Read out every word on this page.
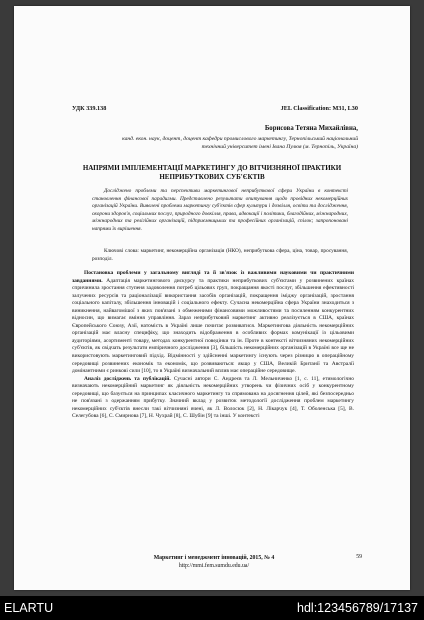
УДК 339.138	JEL Classification: M31, L30
Борисова Тетяна Михайлівна,
канд. екон. наук, доцент, доцент кафедри промислового маркетингу, Тернопільський національний технічний університет імені Івана Пулюя (м. Тернопіль, Україна)
НАПРЯМИ ІМПЛЕМЕНТАЦІЇ МАРКЕТИНГУ ДО ВІТЧИЗНЯНОЇ ПРАКТИКИ НЕПРИБУТКОВИХ СУБ'ЄКТІВ
Досліджено проблеми та перспективи маркетингової неприбуткової сфери України в контексті становлення фінансової парадигми. Представлено результати опитування щодо провідних некомерційних організацій України. Виявлені проблеми маркетингу суб'єктів сфер культури і дозвілля, освіти та дослідження, охорони здоров'я, соціальних послуг, природного довкілля, права, адвокації і політики, благодійних, міжнародних, міжнародних та релігійних організацій, підприємницьких та професійних організацій, спілок; запропоновані напрями їх вирішення.
Ключові слова: маркетинг, некомерційна організація (НКО), неприбуткова сфера, ціна, товар, просування, розподіл.

Постановка проблеми у загальному вигляді та її зв'язок із важливими науковими чи практичними завданнями. Адаптація маркетингового дискурсу та практики неприбуткових суб'єктами у розвинених країнах спричинила зростання ступеня задоволення потреб цільових груп, покращання якості послуг, збільшення ефективності залучених ресурсів та раціоналізації використання засобів організацій, покращення іміджу організацій, зростання соціального капіталу, збільшення інновацій і соціального ефекту. Сучасна некомерційна сфера України знаходиться з виникнення, найвагомішої з яких пов'язані з обмеженими фінансовими можливостями та посиленням конкурентних відносин, що вимагає вміння управління. Зараз неприбутковий маркетинг активно реалізується в США, країнах Європейського Союзу, Азії, натомість в Україні лише почитає розвиватися. Маркетингова діяльність некомерційних організацій має власну специфіку, що знаходить відображення в особливих формах комунікації із цільовими аудиторіями, асортименті товару, методах конкурентної поведінки та ін. Проте в контексті вітчизняних некомерційних суб'єктів, як свідчать результати емпіричного дослідження [3], більшість некомерційних організацій в Україні все ще не використовують маркетинговий підхід. Відмінності у здійсненні маркетингу існують через різницю в операційному середовищі розвинених економік та економік, що розвиваються: якщо у США, Великій Британії та Австралії домінантними є ринкові сили [10], то в Україні визначальний вплив має операційне середовище.

Аналіз досліджень та публікацій. Сучасні автори С. Андреєв та Л. Мельниченко [1, с. 11], етимологічно визначають некомерційний маркетинг як діяльність некомерційних утворень чи фізичних осіб у конкурентному середовищі, що базується на принципах класичного маркетингу та спрямована на досягнення цілей, які безпосередньо не пов'язані з одержанням прибутку. Значний вклад у розвиток методології дослідження проблем маркетингу некомерційних суб'єктів внесли такі вітчизняні вчені, як Л. Волосюк [2], Н. Лікарчук [4], Т. Оболенська [5], В. Селегубова [6], С. Смирнова [7], Н. Чухрай [8], С. Шубін [9] та інші. У контексті

Маркетинг і менеджмент інновацій, 2015, № 4
http://mmi.fem.sumdu.edu.ua/
59
ELARTU	hdl:123456789/17137
